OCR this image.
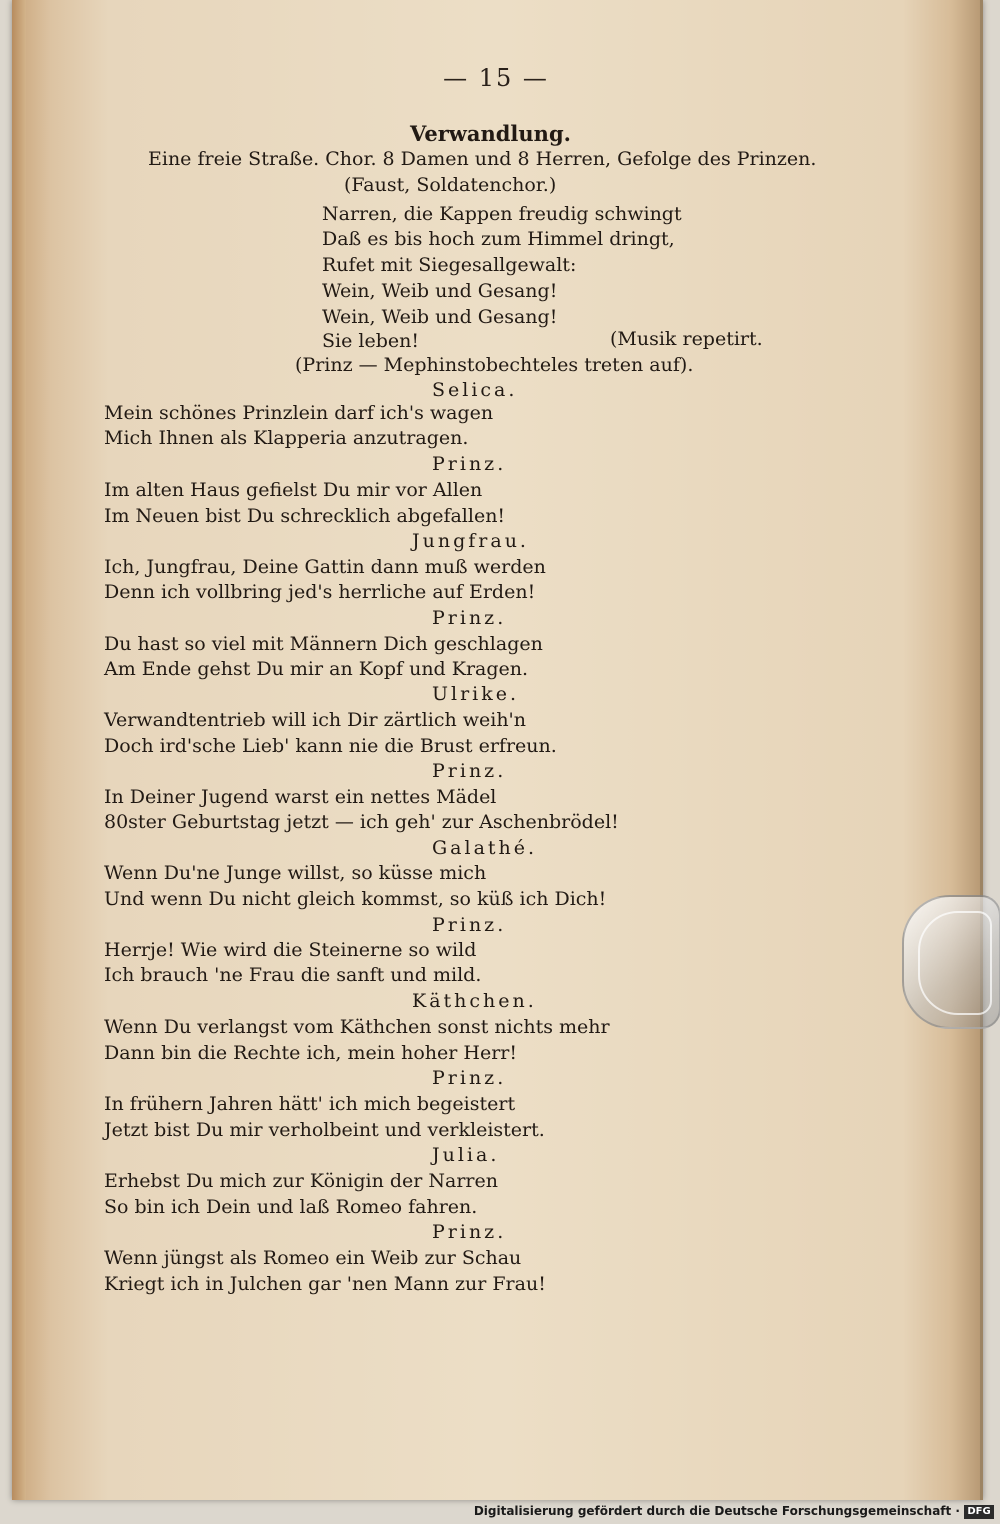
— 15 —
Verwandlung.
Eine freie Straße. Chor. 8 Damen und 8 Herren, Gefolge des Prinzen.
(Faust, Soldatenchor.)
Narren, die Kappen freudig schwingt
Daß es bis hoch zum Himmel dringt,
Rufet mit Siegesallgewalt:
Wein, Weib und Gesang!
Wein, Weib und Gesang!
Sie leben!	(Musik repetirt.
(Prinz — Mephinstobechteles treten auf).
Selica.
Mein schönes Prinzlein darf ich's wagen
Mich Ihnen als Klapperia anzutragen.
Prinz.
Im alten Haus gefielst Du mir vor Allen
Im Neuen bist Du schrecklich abgefallen!
Jungfrau.
Ich, Jungfrau, Deine Gattin dann muß werden
Denn ich vollbring jed's herrliche auf Erden!
Prinz.
Du hast so viel mit Männern Dich geschlagen
Am Ende gehst Du mir an Kopf und Kragen.
Ulrike.
Verwandtentrieb will ich Dir zärtlich weih'n
Doch ird'sche Lieb' kann nie die Brust erfreun.
Prinz.
In Deiner Jugend warst ein nettes Mädel
80ster Geburtstag jetzt — ich geh' zur Aschenbrödel!
Galathé.
Wenn Du'ne Junge willst, so küsse mich
Und wenn Du nicht gleich kommst, so küß ich Dich!
Prinz.
Herrje! Wie wird die Steinerne so wild
Ich brauch 'ne Frau die sanft und mild.
Käthchen.
Wenn Du verlangst vom Käthchen sonst nichts mehr
Dann bin die Rechte ich, mein hoher Herr!
Prinz.
In frühern Jahren hätt' ich mich begeistert
Jetzt bist Du mir verholbeint und verkleistert.
Julia.
Erhebst Du mich zur Königin der Narren
So bin ich Dein und laß Romeo fahren.
Prinz.
Wenn jüngst als Romeo ein Weib zur Schau
Kriegt ich in Julchen gar 'nen Mann zur Frau!
Digitalisierung gefördert durch die Deutsche Forschungsgemeinschaft · DFG
